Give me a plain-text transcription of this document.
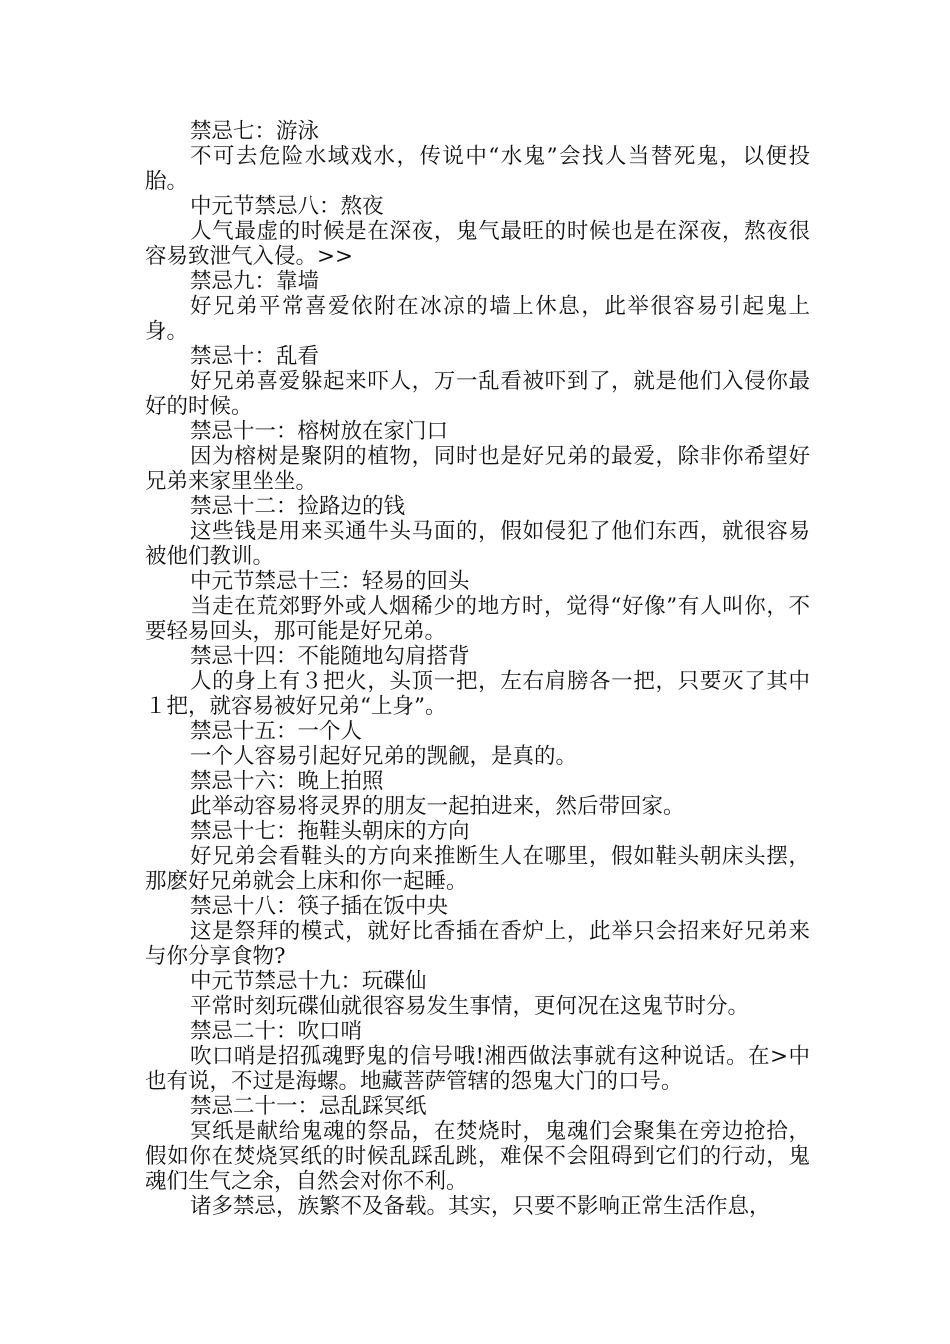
禁忌七：游泳

不可去危险水域戏水，传说中“水鬼”会找人当替死鬼，以便投胎。

中元节禁忌八：熬夜

人气最虚的时候是在深夜，鬼气最旺的时候也是在深夜，熬夜很容易致泄气入侵。>>

禁忌九：靠墙

好兄弟平常喜爱依附在冰凉的墙上休息，此举很容易引起鬼上身。

禁忌十：乱看

好兄弟喜爱躲起来吓人，万一乱看被吓到了，就是他们入侵你最好的时候。

禁忌十一：榕树放在家门口

因为榕树是聚阴的植物，同时也是好兄弟的最爱，除非你希望好兄弟来家里坐坐。

禁忌十二：捡路边的钱

这些钱是用来买通牛头马面的，假如侵犯了他们东西，就很容易被他们教训。

中元节禁忌十三：轻易的回头

当走在荒郊野外或人烟稀少的地方时，觉得“好像”有人叫你，不要轻易回头，那可能是好兄弟。

禁忌十四：不能随地勾肩搭背

人的身上有３把火，头顶一把，左右肩膀各一把，只要灭了其中１把，就容易被好兄弟“上身”。

禁忌十五：一个人

一个人容易引起好兄弟的觊觎，是真的。

禁忌十六：晚上拍照

此举动容易将灵界的朋友一起拍进来，然后带回家。

禁忌十七：拖鞋头朝床的方向

好兄弟会看鞋头的方向来推断生人在哪里，假如鞋头朝床头摆，那麽好兄弟就会上床和你一起睡。

禁忌十八：筷子插在饭中央

这是祭拜的模式，就好比香插在香炉上，此举只会招来好兄弟来与你分享食物?

中元节禁忌十九：玩碟仙

平常时刻玩碟仙就很容易发生事情，更何况在这鬼节时分。

禁忌二十：吹口哨

吹口哨是招孤魂野鬼的信号哦!湘西做法事就有这种说话。在>中也有说，不过是海螺。地藏菩萨管辖的怨鬼大门的口号。

禁忌二十一：忌乱踩冥纸

冥纸是献给鬼魂的祭品，在焚烧时，鬼魂们会聚集在旁边抢拾，假如你在焚烧冥纸的时候乱踩乱跳，难保不会阻碍到它们的行动，鬼魂们生气之余，自然会对你不利。

诸多禁忌，族繁不及备载。其实，只要不影响正常生活作息，
